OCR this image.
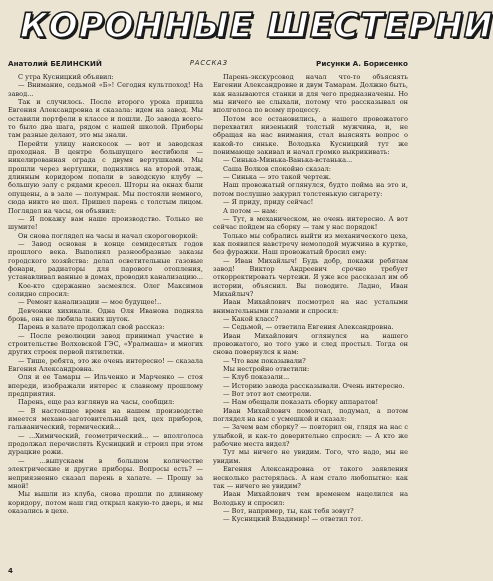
КОРОННЫЕ ШЕСТЕРНИ
Анатолий БЕЛИНСКИЙ	РАССКАЗ	Рисунки А. Борисенко

С утра Кусницкий объявил:

— Внимание, седьмой «Б»! Сегодня культпоход! На завод...

Так и случилось. После второго урока пришла Евгения Александровна и сказала: идем на завод. Мы оставили портфели в классе и пошли. До завода всего-то было два шага, рядом с нашей школой. Приборы там разные делают, это мы знали.

Перейти улицу наискосок — вот и заводская проходная. В центре большущего вестибюля — никелированная ограда с двумя вертушками. Мы прошли через вертушки, поднялись на второй этаж, длинным коридором попали в заводскую клубу — большую залу с рядами кресел. Шторы на окнах были опущены, а в зале — полумрак. Мы постояли немного, сюда никто не шел. Пришел парень с толстым лицом. Поглядел на часы, он объявил:

— Я покажу вам наше производство. Только не шумите!

Он снова поглядел на часы и начал скороговоркой:

— Завод основан в конце семидесятых годов прошлого века. Выполнял разнообразные заказы городского хозяйства: делал осветительные газовые фонари, радиаторы для парового отопления, устанавливал ванные в домах, проводил канализацию...

Кое-кто сдержанно засмеялся. Олег Максимов солидно спросил:

— Ремонт канализации — мое будущее!..

Девчонки хихикали. Одна Оля Иванова подняла бровь, она не любила таких шуток.

Парень в халате продолжал свой рассказ:

— После революции завод принимал участие в строительстве Волховской ГЭС, «Уралмаша» и многих других строек первой пятилетки.

— Тише, ребята, это же очень интересно! — сказала Евгения Александровна.

Оля и ее Тамары — Ильченко и Марченко — стоя впереди, изображали интерес к славному прошлому предприятия.

Парень, еще раз взглянув на часы, сообщил:

— В настоящее время на нашем производстве имеется механо-заготовительный цех, цех приборов, гальванический, термический...

— ...Химический, геометрический... — вполголоса продолжал перечислять Кусницкий и строил при этом дурацкие рожи.

— ...выпускаем в большом количестве электрические и другие приборы. Вопросы есть? — неприязненно сказал парень в халате. — Прошу за мной!

Мы вышли из клуба, снова прошли по длинному коридору, потом наш гид открыл какую-то дверь, и мы оказались в цехе.

Парень-экскурсовод начал что-то объяснять Евгении Александровне и двум Тамарам. Должно быть, как называются станки и для чего предназначены. Но мы ничего не слыхали, потому что рассказывал он вполголоса по всему процессу.

Потом все остановились, а нашего провожатого перехватил низенький толстый мужчина, и, не обращая на нас внимания, стал выяснять вопрос о какой-то синьке. Володька Кусницкий тут же понимающе закивал и начал громко выкрикивать:

— Синька-Минька-Ванька-встанька...

Саша Волков спокойно сказал:

— Синька — это такой чертеж.

Наш провожатый оглянулся, будто пойма на это и, потом послушно закурил толстенькую сигарету:

— Я приду, приду сейчас!

А потом — нам:

— Тут, в механическом, не очень интересно. А вот сейчас пойдем на сборку — там у нас порядок!

Только мы собрались выйти из механического цеха, как появился навстречу немолодой мужчина в куртке, без фуражки. Наш провожатый бросил ему:

— Иван Михайлыч! Будь добр, покажи ребятам завод! Виктор Андреевич срочно требует откорректировать чертежи. Я уже все рассказал им об истории, объяснил. Вы поводите. Ладно, Иван Михайлыч?

Иван Михайлович посмотрел на нас усталыми внимательными глазами и спросил:

— Какой класс?

— Седьмой, — ответила Евгения Александровна.

Иван Михайлович оглянулся на нашего провожатого, но того уже и след простыл. Тогда он снова повернулся к нам:

— Что вам показывали?

Мы нестройно ответили:

— Клуб показали...

— Историю завода рассказывали. Очень интересно.

— Вот этот вот смотрели.

— Нам обещали показать сборку аппаратов!

Иван Михайлович помолчал, подумал, а потом поглядел на нас с усмешкой и сказал:

— Зачем вам сборку? — повторил он, глядя на нас с улыбкой, и как-то доверительно спросил: — А кто же рабочие места видел?

Тут мы ничего не увидим. Того, что надо, мы не увидим.

Евгения Александровна от такого заявления несколько растерялась. А нам стало любопытно: как так — ничего не увидим?

Иван Михайлович тем временем нацелился на Володьку и спросил:

— Вот, например, ты, как тебя зовут?

— Кусницкий Владимир! — ответил тот.

4
